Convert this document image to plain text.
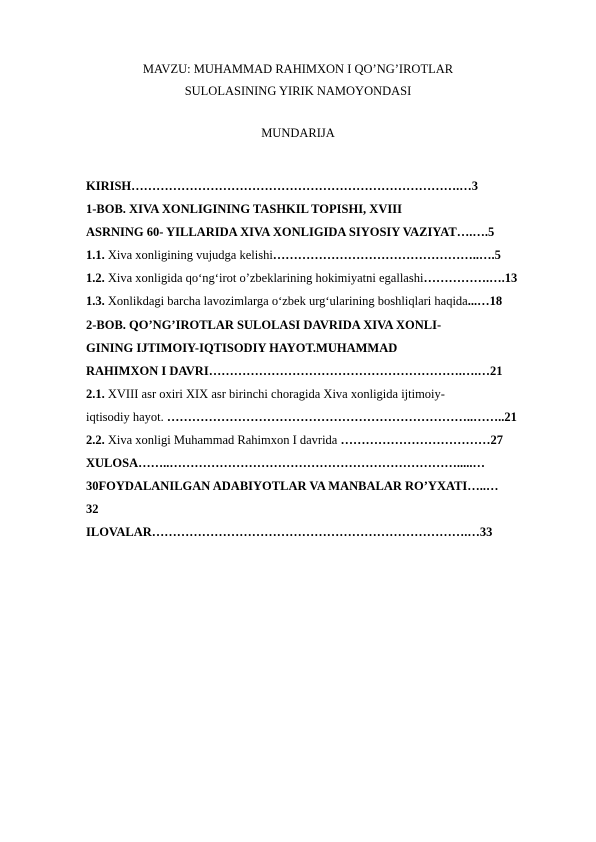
MAVZU: MUHAMMAD RAHIMXON I QO’NG’IROTLAR
SULOLASINING YIRIK NAMOYONDASI
MUNDARIJA
KIRISH…………………………………………………………………….…3
1-BOB. XIVA XONLIGINING TASHKIL TOPISHI, XVIII
ASRNING 60- YILLARIDA XIVA XONLIGIDA SIYOSIY VAZIYAT….….5
1.1. Xiva xonligining vujudga kelishi…………………………………………..….5
1.2. Xiva xonligida qo‘ng‘irot o’zbeklarining hokimiyatni egallashi…………….….13
1.3. Xonlikdagi barcha lavozimlarga o‘zbek urg‘ularining boshliqlari haqida...…18
2-BOB. QO’NG’IROTLAR SULOLASI DAVRIDA XIVA XONLI-
GINING IJTIMOIY-IQTISODIY HAYOT.MUHAMMAD
RAHIMXON I DAVRI…………………………………………………….….…21
2.1. XVIII asr oxiri XIX asr birinchi choragida Xiva xonligida ijtimoiy-
iqtisodiy hayot. ………………………………………………………………..……..21
2.2. Xiva xonligi Muhammad Rahimxon I davrida ………………………………27
XULOSA……..…………………………………………………………….....…
30FOYDALANILGAN ADABIYOTLAR VA MANBALAR RO’YXATI…..…
32
ILOVALAR………………………………………………………………….…33
